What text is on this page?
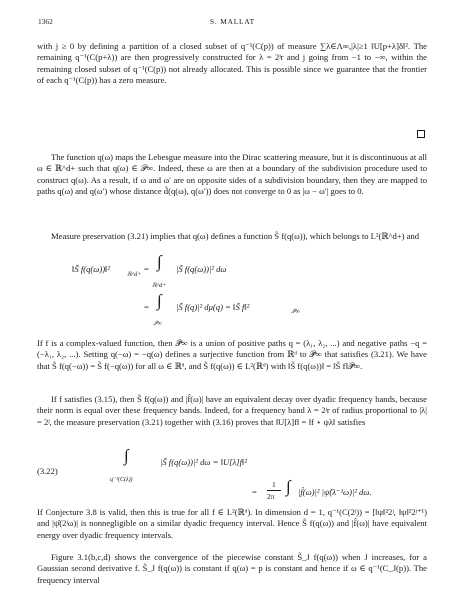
1362	S. MALLAT

with j ≥ 0 by defining a partition of a closed subset of q⁻¹(C(p)) of measure ∑λ∈Λ∞,|λ|≥1 ‖U[p+λ]δ‖². The remaining q⁻¹(C(p+λ)) are then progressively constructed for λ = 2ʲr and j going from −1 to −∞, within the remaining closed subset of q⁻¹(C(p)) not already allocated. This is possible since we guarantee that the frontier of each q⁻¹(C(p)) has a zero measure.

The function q(ω) maps the Lebesgue measure into the Dirac scattering measure, but it is discontinuous at all ω ∈ ℝ^d+ such that q(ω) ∈ 𝒫∞. Indeed, these ω are then at a boundary of the subdivision procedure used to construct q(ω). As a result, if ω and ω′ are on opposite sides of a subdivision boundary, then they are mapped to paths q(ω) and q(ω′) whose distance d̃(q(ω), q(ω′)) does not converge to 0 as |ω − ω′| goes to 0.

Measure preservation (3.21) implies that q(ω) defines a function S̃ f(q(ω)), which belongs to L²(ℝ^d+) and

‖S̃ f(q(ω))‖²
ℝ^d+
= ∫
ℝ^d+
|S̃ f(q(ω))|² dω
= ∫
𝒫̄∞
|S̃ f(q)|² dμ(q) = ‖S̃ f‖²	𝒫̄∞

If f is a complex-valued function, then 𝒫̄∞ is a union of positive paths q = (λ₁, λ₂, ...) and negative paths −q = (−λ₁, λ₂, ...). Setting q(−ω) = −q(ω) defines a surjective function from ℝᵈ to 𝒫̄∞ that satisfies (3.21). We have that S̃ f(q(−ω)) = S̃ f(−q(ω)) for all ω ∈ ℝᵈ, and S̃ f(q(ω)) ∈ L²(ℝᵈ) with ‖S̃ f(q(ω))‖ = ‖S̃ f‖𝒫̄∞.

If f satisfies (3.15), then S̃ f(q(ω)) and |f̂(ω)| have an equivalent decay over dyadic frequency bands, because their norm is equal over these frequency bands. Indeed, for a frequency band λ = 2ʲr of radius proportional to |λ| = 2ʲ, the measure preservation (3.21) together with (3.16) proves that ‖U[λ]f‖ = ‖f ⋆ ψλ‖ satisfies

(3.22)
∫
q⁻¹(C(λ))
|S̃ f(q(ω))|² dω = ‖U[λ]f‖²
=
1
2π
∫ |f̂(ω)|² |ψ̂(λ⁻¹ω)|² dω.

If Conjecture 3.8 is valid, then this is true for all f ∈ L²(ℝᵈ). In dimension d = 1, q⁻¹(C(2ʲ)) = [‖ψ‖²2ʲ, ‖ψ‖²2ʲ⁺¹) and |ψ̂(2ʲω)| is nonnegligible on a similar dyadic frequency interval. Hence S̃ f(q(ω)) and |f̂(ω)| have equivalent energy over dyadic frequency intervals.

Figure 3.1(b,c,d) shows the convergence of the piecewise constant S̃_J f(q(ω)) when J increases, for a Gaussian second derivative f. S̃_J f(q(ω)) is constant if q(ω) = p is constant and hence if ω ∈ q⁻¹(C_J(p)). The frequency interval
